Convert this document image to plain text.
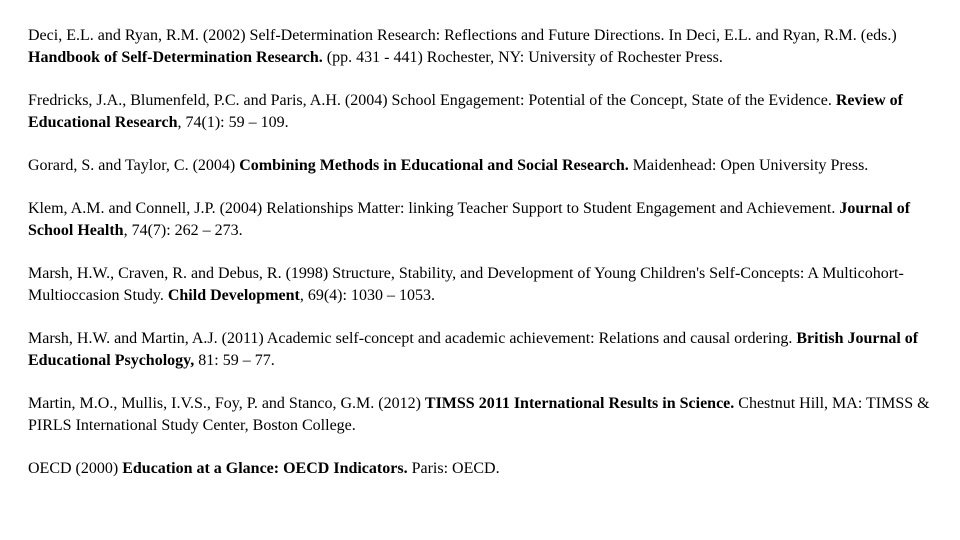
Deci, E.L. and Ryan, R.M. (2002) Self-Determination Research: Reflections and Future Directions. In Deci, E.L. and Ryan, R.M. (eds.) Handbook of Self-Determination Research. (pp. 431 - 441) Rochester, NY: University of Rochester Press.
Fredricks, J.A., Blumenfeld, P.C. and Paris, A.H. (2004) School Engagement: Potential of the Concept, State of the Evidence. Review of Educational Research, 74(1): 59 – 109.
Gorard, S. and Taylor, C. (2004) Combining Methods in Educational and Social Research. Maidenhead: Open University Press.
Klem, A.M. and Connell, J.P. (2004) Relationships Matter: linking Teacher Support to Student Engagement and Achievement. Journal of School Health, 74(7): 262 – 273.
Marsh, H.W., Craven, R. and Debus, R. (1998) Structure, Stability, and Development of Young Children's Self-Concepts: A Multicohort-Multioccasion Study. Child Development, 69(4): 1030 – 1053.
Marsh, H.W. and Martin, A.J. (2011) Academic self-concept and academic achievement: Relations and causal ordering. British Journal of Educational Psychology, 81: 59 – 77.
Martin, M.O., Mullis, I.V.S., Foy, P. and Stanco, G.M. (2012) TIMSS 2011 International Results in Science. Chestnut Hill, MA: TIMSS & PIRLS International Study Center, Boston College.
OECD (2000) Education at a Glance: OECD Indicators. Paris: OECD.
